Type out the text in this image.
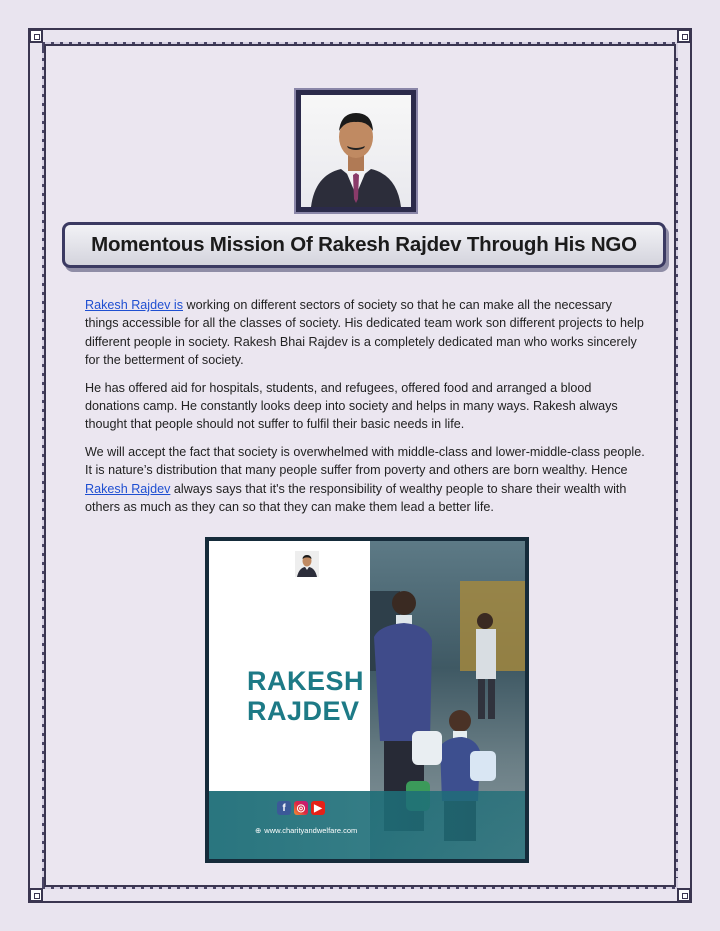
Momentous Mission Of Rakesh Rajdev Through His NGO

Rakesh Rajdev is working on different sectors of society so that he can make all the necessary things accessible for all the classes of society. His dedicated team work son different projects to help different people in society. Rakesh Bhai Rajdev is a completely dedicated man who works sincerely for the betterment of society.

He has offered aid for hospitals, students, and refugees, offered food and arranged a blood donations camp. He constantly looks deep into society and helps in many ways. Rakesh always thought that people should not suffer to fulfil their basic needs in life.

We will accept the fact that society is overwhelmed with middle-class and lower-middle-class people. It is nature’s distribution that many people suffer from poverty and others are born wealthy. Hence Rakesh Rajdev always says that it's the responsibility of wealthy people to share their wealth with others as much as they can so that they can make them lead a better life.

RAKESH
RAJDEV
f	◎ ▶
⊕ www.charityandwelfare.com
